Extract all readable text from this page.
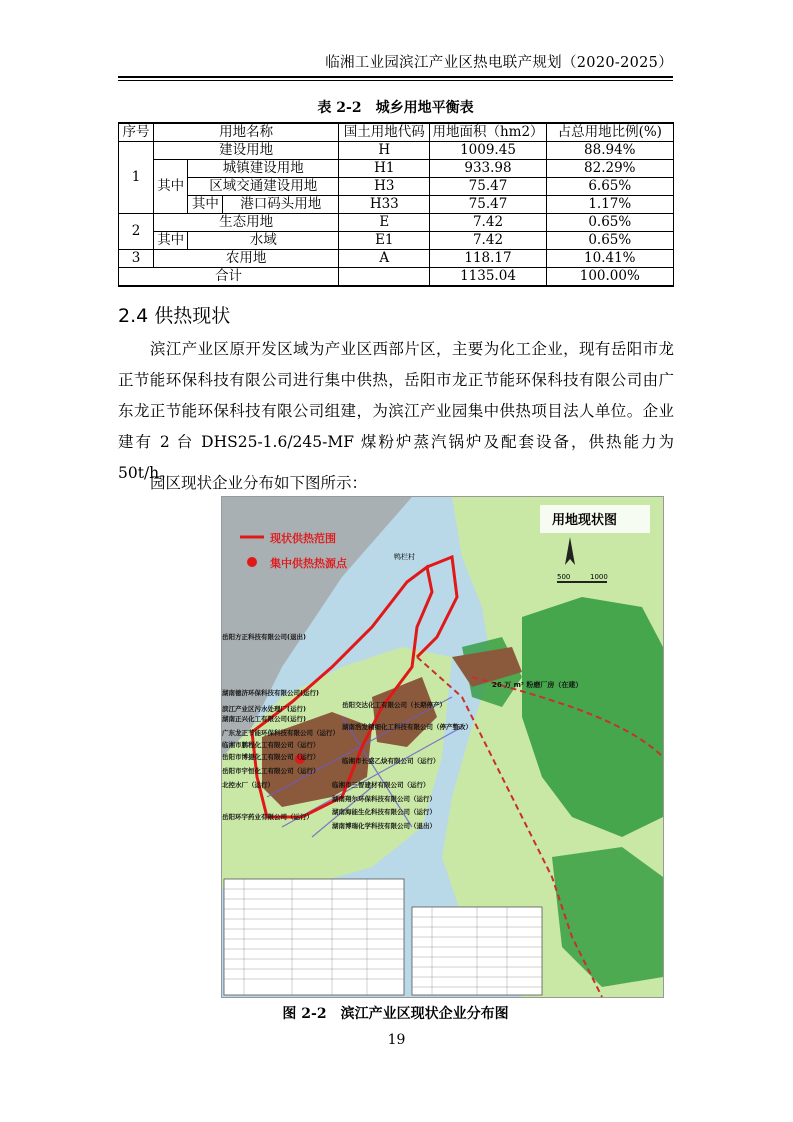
临湘工业园滨江产业区热电联产规划（2020-2025）
表 2-2　城乡用地平衡表
序号	用地名称			国土用地代码	用地面积（hm2）	占总用地比例(%)
1	建设用地			H	1009.45	88.94%
	其中	城镇建设用地		H1	933.98	82.29%
		区域交通建设用地		H3	75.47	6.65%
		其中	港口码头用地	H33	75.47	1.17%
2	生态用地			E	7.42	0.65%
	其中	水域		E1	7.42	0.65%
3	农用地			A	118.17	10.41%
合计					1135.04	100.00%
2.4 供热现状
滨江产业区原开发区域为产业区西部片区，主要为化工企业，现有岳阳市龙正节能环保科技有限公司进行集中供热，岳阳市龙正节能环保科技有限公司由广东龙正节能环保科技有限公司组建，为滨江产业园集中供热项目法人单位。企业建有 2 台 DHS25-1.6/245-MF 煤粉炉蒸汽锅炉及配套设备，供热能力为 50t/h。
园区现状企业分布如下图所示：
现状供热范围
集中供热热源点
用地现状图
500	1000
鸭栏村
岳阳方正科技有限公司(退出)
湖南德济环保科技有限公司(运行)
滨江产业区污水处理厂(运行)
湖南正兴化工有限公司(运行)
广东龙正节能环保科技有限公司（运行）
临湘市鹏程化工有限公司（运行）
岳阳市博捷化工有限公司（运行）
岳阳市宇恒化工有限公司（运行）
北控水厂（运行）
岳阳环宇药业有限公司（运行）
岳阳交达化工有限公司（长期停产）
湖南浩发精细化工科技有限公司（停产整改）
临湘市长盛乙炔有限公司（运行）
临湘市三智建材有限公司（运行）
湖南翔尔环保科技有限公司（运行）
湖南海能生化科技有限公司（运行）
湖南博瑞化学科技有限公司（退出）
26 万 m³ 粉磨厂房（在建）
图 2-2　滨江产业区现状企业分布图
19
